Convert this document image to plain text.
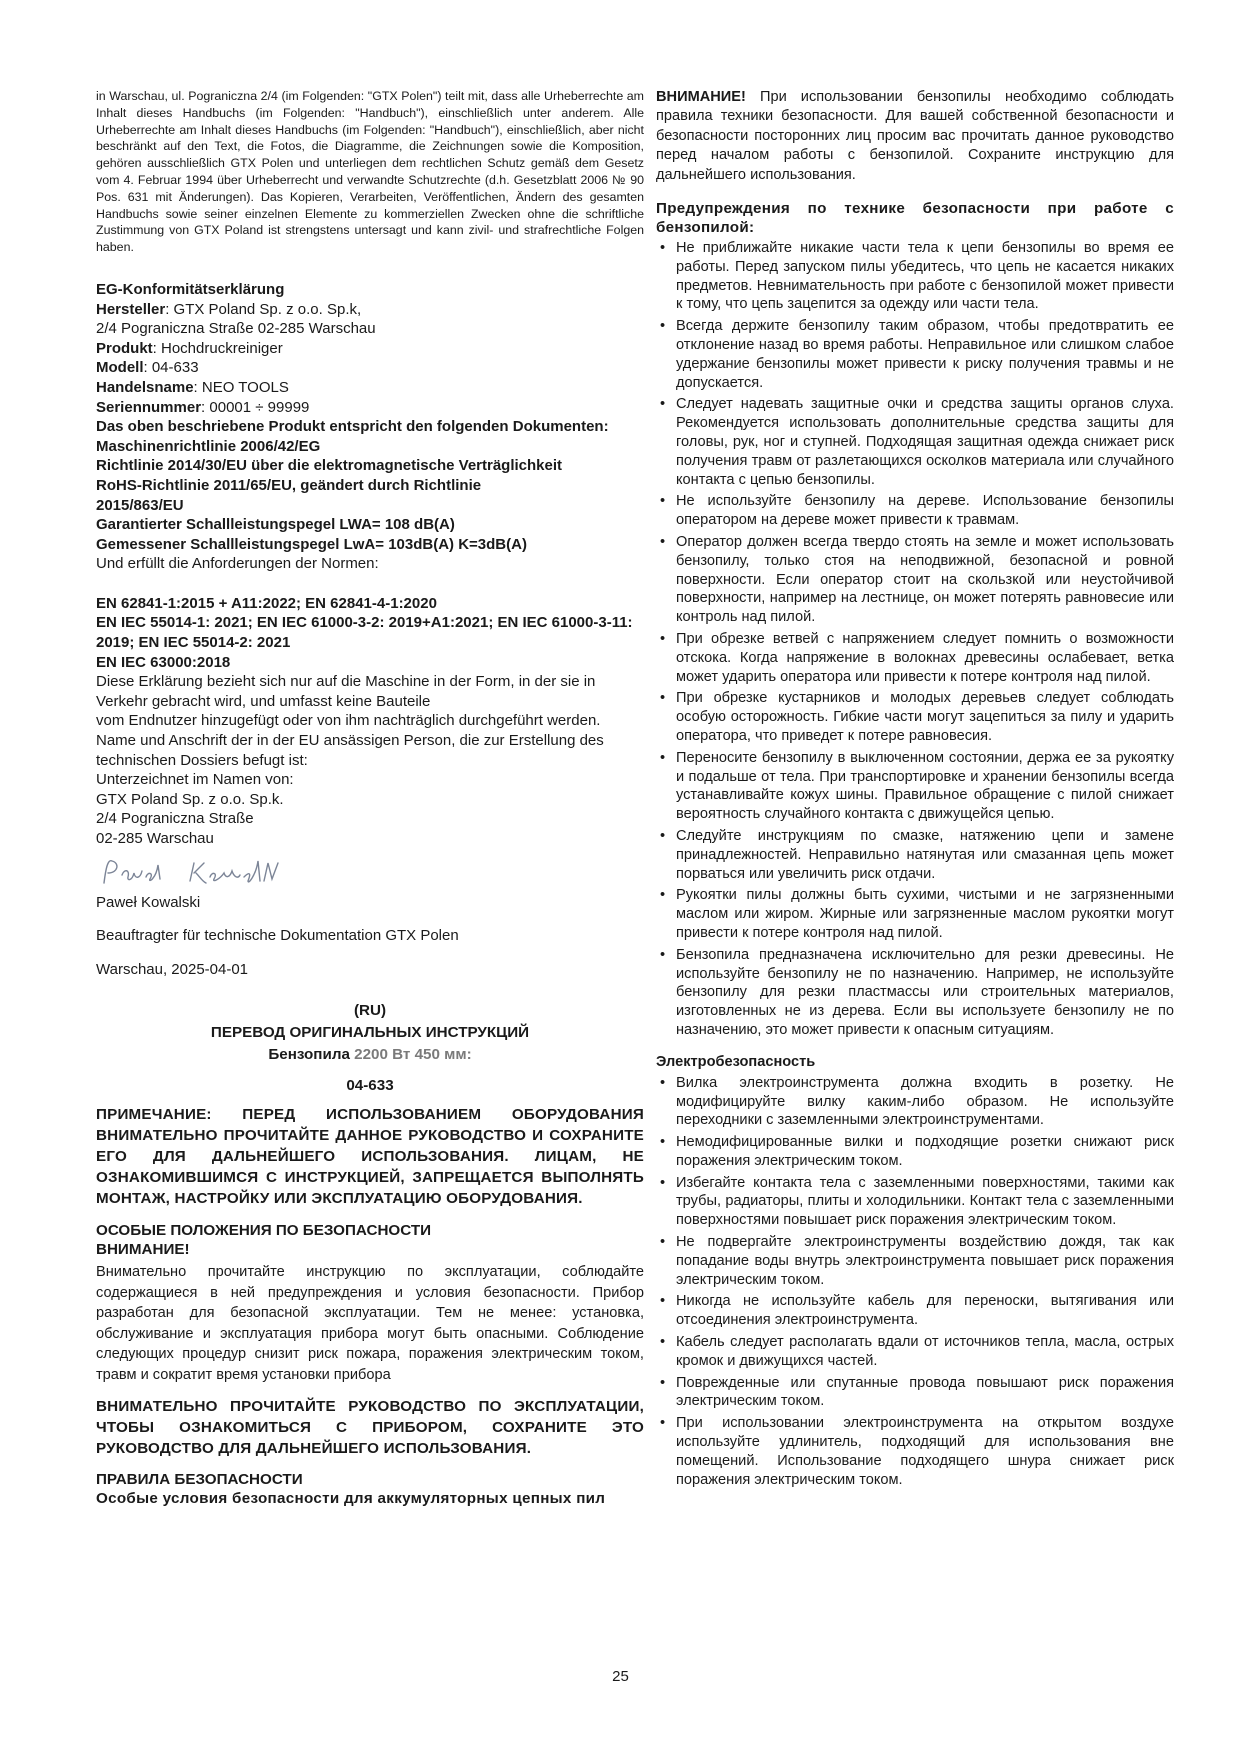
in Warschau, ul. Pograniczna 2/4 (im Folgenden: "GTX Polen") teilt mit, dass alle Urheberrechte am Inhalt dieses Handbuchs (im Folgenden: "Handbuch"), einschließlich unter anderem. Alle Urheberrechte am Inhalt dieses Handbuchs (im Folgenden: "Handbuch"), einschließlich, aber nicht beschränkt auf den Text, die Fotos, die Diagramme, die Zeichnungen sowie die Komposition, gehören ausschließlich GTX Polen und unterliegen dem rechtlichen Schutz gemäß dem Gesetz vom 4. Februar 1994 über Urheberrecht und verwandte Schutzrechte (d.h. Gesetzblatt 2006 № 90 Pos. 631 mit Änderungen). Das Kopieren, Verarbeiten, Veröffentlichen, Ändern des gesamten Handbuchs sowie seiner einzelnen Elemente zu kommerziellen Zwecken ohne die schriftliche Zustimmung von GTX Poland ist strengstens untersagt und kann zivil- und strafrechtliche Folgen haben.

EG-Konformitätserklärung
Hersteller: GTX Poland Sp. z o.o. Sp.k,
2/4 Pograniczna Straße 02-285 Warschau
Produkt: Hochdruckreiniger
Modell: 04-633
Handelsname: NEO TOOLS
Seriennummer: 00001 ÷ 99999
Das oben beschriebene Produkt entspricht den folgenden Dokumenten:
Maschinenrichtlinie 2006/42/EG
Richtlinie 2014/30/EU über die elektromagnetische Verträglichkeit
RoHS-Richtlinie 2011/65/EU, geändert durch Richtlinie
2015/863/EU
Garantierter Schallleistungspegel LWA= 108 dB(A)
Gemessener Schallleistungspegel LwA= 103dB(A) K=3dB(A)
Und erfüllt die Anforderungen der Normen:
EN 62841-1:2015 + A11:2022; EN 62841-4-1:2020
EN IEC 55014-1: 2021; EN IEC 61000-3-2: 2019+A1:2021; EN IEC 61000-3-11: 2019; EN IEC 55014-2: 2021
EN IEC 63000:2018
Diese Erklärung bezieht sich nur auf die Maschine in der Form, in der sie in Verkehr gebracht wird, und umfasst keine Bauteile
vom Endnutzer hinzugefügt oder von ihm nachträglich durchgeführt werden.
Name und Anschrift der in der EU ansässigen Person, die zur Erstellung des technischen Dossiers befugt ist:
Unterzeichnet im Namen von:
GTX Poland Sp. z o.o. Sp.k.
2/4 Pograniczna Straße
02-285 Warschau
Paweł Kowalski
Beauftragter für technische Dokumentation GTX Polen
Warschau, 2025-04-01
(RU)
ПЕРЕВОД ОРИГИНАЛЬНЫХ ИНСТРУКЦИЙ
Бензопила 2200 Вт 450 мм:
04-633

ПРИМЕЧАНИЕ: ПЕРЕД ИСПОЛЬЗОВАНИЕМ ОБОРУДОВАНИЯ ВНИМАТЕЛЬНО ПРОЧИТАЙТЕ ДАННОЕ РУКОВОДСТВО И СОХРАНИТЕ ЕГО ДЛЯ ДАЛЬНЕЙШЕГО ИСПОЛЬЗОВАНИЯ. ЛИЦАМ, НЕ ОЗНАКОМИВШИМСЯ С ИНСТРУКЦИЕЙ, ЗАПРЕЩАЕТСЯ ВЫПОЛНЯТЬ МОНТАЖ, НАСТРОЙКУ ИЛИ ЭКСПЛУАТАЦИЮ ОБОРУДОВАНИЯ.

ОСОБЫЕ ПОЛОЖЕНИЯ ПО БЕЗОПАСНОСТИ
ВНИМАНИЕ!

Внимательно прочитайте инструкцию по эксплуатации, соблюдайте содержащиеся в ней предупреждения и условия безопасности. Прибор разработан для безопасной эксплуатации. Тем не менее: установка, обслуживание и эксплуатация прибора могут быть опасными. Соблюдение следующих процедур снизит риск пожара, поражения электрическим током, травм и сократит время установки прибора

ВНИМАТЕЛЬНО ПРОЧИТАЙТЕ РУКОВОДСТВО ПО ЭКСПЛУАТАЦИИ, ЧТОБЫ ОЗНАКОМИТЬСЯ С ПРИБОРОМ, СОХРАНИТЕ ЭТО РУКОВОДСТВО ДЛЯ ДАЛЬНЕЙШЕГО ИСПОЛЬЗОВАНИЯ.

ПРАВИЛА БЕЗОПАСНОСТИ

Особые условия безопасности для аккумуляторных цепных пил

ВНИМАНИЕ! При использовании бензопилы необходимо соблюдать правила техники безопасности. Для вашей собственной безопасности и безопасности посторонних лиц просим вас прочитать данное руководство перед началом работы с бензопилой. Сохраните инструкцию для дальнейшего использования.

Предупреждения по технике безопасности при работе с бензопилой:

• Не приближайте никакие части тела к цепи бензопилы во время ее работы. Перед запуском пилы убедитесь, что цепь не касается никаких предметов. Невнимательность при работе с бензопилой может привести к тому, что цепь зацепится за одежду или части тела.
• Всегда держите бензопилу таким образом, чтобы предотвратить ее отклонение назад во время работы. Неправильное или слишком слабое удержание бензопилы может привести к риску получения травмы и не допускается.
• Следует надевать защитные очки и средства защиты органов слуха. Рекомендуется использовать дополнительные средства защиты для головы, рук, ног и ступней. Подходящая защитная одежда снижает риск получения травм от разлетающихся осколков материала или случайного контакта с цепью бензопилы.
• Не используйте бензопилу на дереве. Использование бензопилы оператором на дереве может привести к травмам.
• Оператор должен всегда твердо стоять на земле и может использовать бензопилу, только стоя на неподвижной, безопасной и ровной поверхности. Если оператор стоит на скользкой или неустойчивой поверхности, например на лестнице, он может потерять равновесие или контроль над пилой.
• При обрезке ветвей с напряжением следует помнить о возможности отскока. Когда напряжение в волокнах древесины ослабевает, ветка может ударить оператора или привести к потере контроля над пилой.
• При обрезке кустарников и молодых деревьев следует соблюдать особую осторожность. Гибкие части могут зацепиться за пилу и ударить оператора, что приведет к потере равновесия.
• Переносите бензопилу в выключенном состоянии, держа ее за рукоятку и подальше от тела. При транспортировке и хранении бензопилы всегда устанавливайте кожух шины. Правильное обращение с пилой снижает вероятность случайного контакта с движущейся цепью.
• Следуйте инструкциям по смазке, натяжению цепи и замене принадлежностей. Неправильно натянутая или смазанная цепь может порваться или увеличить риск отдачи.
• Рукоятки пилы должны быть сухими, чистыми и не загрязненными маслом или жиром. Жирные или загрязненные маслом рукоятки могут привести к потере контроля над пилой.
• Бензопила предназначена исключительно для резки древесины. Не используйте бензопилу не по назначению. Например, не используйте бензопилу для резки пластмассы или строительных материалов, изготовленных не из дерева. Если вы используете бензопилу не по назначению, это может привести к опасным ситуациям.
Электробезопасность
• Вилка электроинструмента должна входить в розетку. Не модифицируйте вилку каким-либо образом. Не используйте переходники с заземленными электроинструментами.
• Немодифицированные вилки и подходящие розетки снижают риск поражения электрическим током.
• Избегайте контакта тела с заземленными поверхностями, такими как трубы, радиаторы, плиты и холодильники. Контакт тела с заземленными поверхностями повышает риск поражения электрическим током.
• Не подвергайте электроинструменты воздействию дождя, так как попадание воды внутрь электроинструмента повышает риск поражения электрическим током.
• Никогда не используйте кабель для переноски, вытягивания или отсоединения электроинструмента.
• Кабель следует располагать вдали от источников тепла, масла, острых кромок и движущихся частей.
• Поврежденные или спутанные провода повышают риск поражения электрическим током.
• При использовании электроинструмента на открытом воздухе используйте удлинитель, подходящий для использования вне помещений. Использование подходящего шнура снижает риск поражения электрическим током.
25
